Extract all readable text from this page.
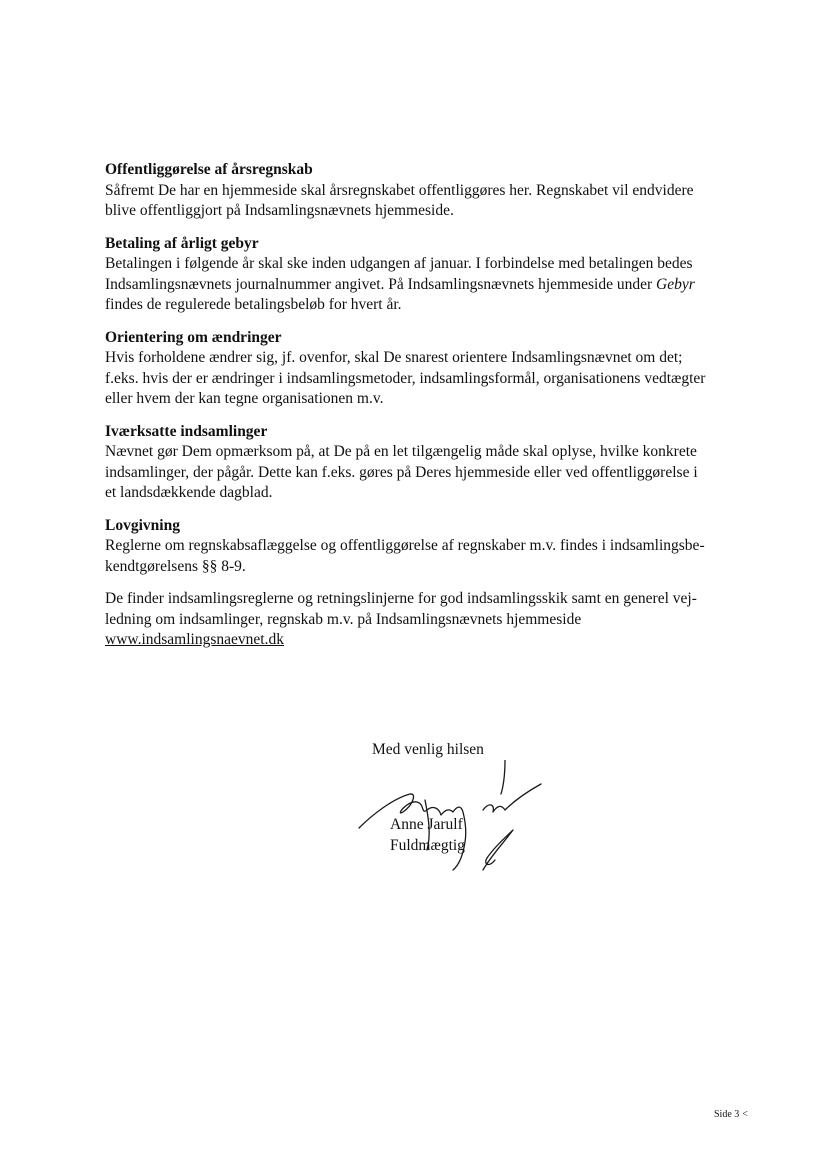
Offentliggørelse af årsregnskab

Såfremt De har en hjemmeside skal årsregnskabet offentliggøres her. Regnskabet vil endvidere
blive offentliggjort på Indsamlingsnævnets hjemmeside.

Betaling af årligt gebyr

Betalingen i følgende år skal ske inden udgangen af januar. I forbindelse med betalingen bedes
Indsamlingsnævnets journalnummer angivet. På Indsamlingsnævnets hjemmeside under Gebyr
findes de regulerede betalingsbeløb for hvert år.

Orientering om ændringer

Hvis forholdene ændrer sig, jf. ovenfor, skal De snarest orientere Indsamlingsnævnet om det;
f.eks. hvis der er ændringer i indsamlingsmetoder, indsamlingsformål, organisationens vedtægter
eller hvem der kan tegne organisationen m.v.

Iværksatte indsamlinger

Nævnet gør Dem opmærksom på, at De på en let tilgængelig måde skal oplyse, hvilke konkrete
indsamlinger, der pågår. Dette kan f.eks. gøres på Deres hjemmeside eller ved offentliggørelse i
et landsdækkende dagblad.

Lovgivning

Reglerne om regnskabsaflæggelse og offentliggørelse af regnskaber m.v. findes i indsamlingsbe-
kendtgørelsens §§ 8-9.

De finder indsamlingsreglerne og retningslinjerne for god indsamlingsskik samt en generel vej-
ledning om indsamlinger, regnskab m.v. på Indsamlingsnævnets hjemmeside
www.indsamlingsnaevnet.dk

Med venlig hilsen
Anne Jarulf
Fuldmægtig
Side 3 <
